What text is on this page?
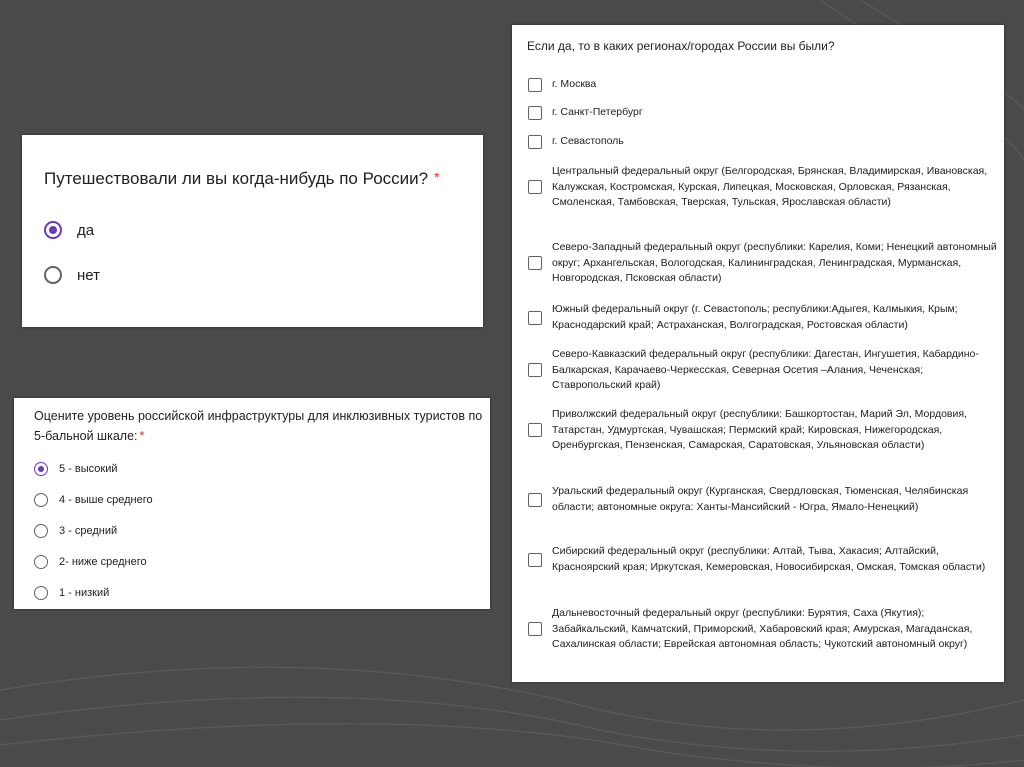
Путешествовали ли вы когда-нибудь по России? *
да
нет
Оцените уровень российской инфраструктуры для инклюзивных туристов по 5-бальной шкале: *
5 - высокий
4 - выше среднего
3 - средний
2- ниже среднего
1 - низкий
Если да, то в каких регионах/городах России вы были?
г. Москва
г. Санкт-Петербург
г. Севастополь
Центральный федеральный округ (Белгородская, Брянская, Владимирская, Ивановская, Калужская, Костромская, Курская, Липецкая, Московская, Орловская, Рязанская, Смоленская, Тамбовская, Тверская, Тульская, Ярославская области)
Северо-Западный федеральный округ (республики: Карелия, Коми; Ненецкий автономный округ; Архангельская, Вологодская, Калининградская, Ленинградская, Мурманская, Новгородская, Псковская области)
Южный федеральный округ (г. Севастополь; республики:Адыгея, Калмыкия, Крым; Краснодарский край; Астраханская, Волгоградская, Ростовская области)
Северо-Кавказский федеральный округ (республики: Дагестан, Ингушетия, Кабардино-Балкарская, Карачаево-Черкесская, Северная Осетия –Алания, Чеченская; Ставропольский край)
Приволжский федеральный округ (республики: Башкортостан, Марий Эл, Мордовия, Татарстан, Удмуртская, Чувашская; Пермский край; Кировская, Нижегородская, Оренбургская, Пензенская, Самарская, Саратовская, Ульяновская области)
Уральский федеральный округ (Курганская, Свердловская, Тюменская, Челябинская области; автономные округа: Ханты-Мансийский - Югра, Ямало-Ненецкий)
Сибирский федеральный округ (республики: Алтай, Тыва, Хакасия; Алтайский, Красноярский края; Иркутская, Кемеровская, Новосибирская, Омская, Томская области)
Дальневосточный федеральный округ (республики: Бурятия, Саха (Якутия); Забайкальский, Камчатский, Приморский, Хабаровский края; Амурская, Магаданская, Сахалинская области; Еврейская автономная область; Чукотский автономный округ)
